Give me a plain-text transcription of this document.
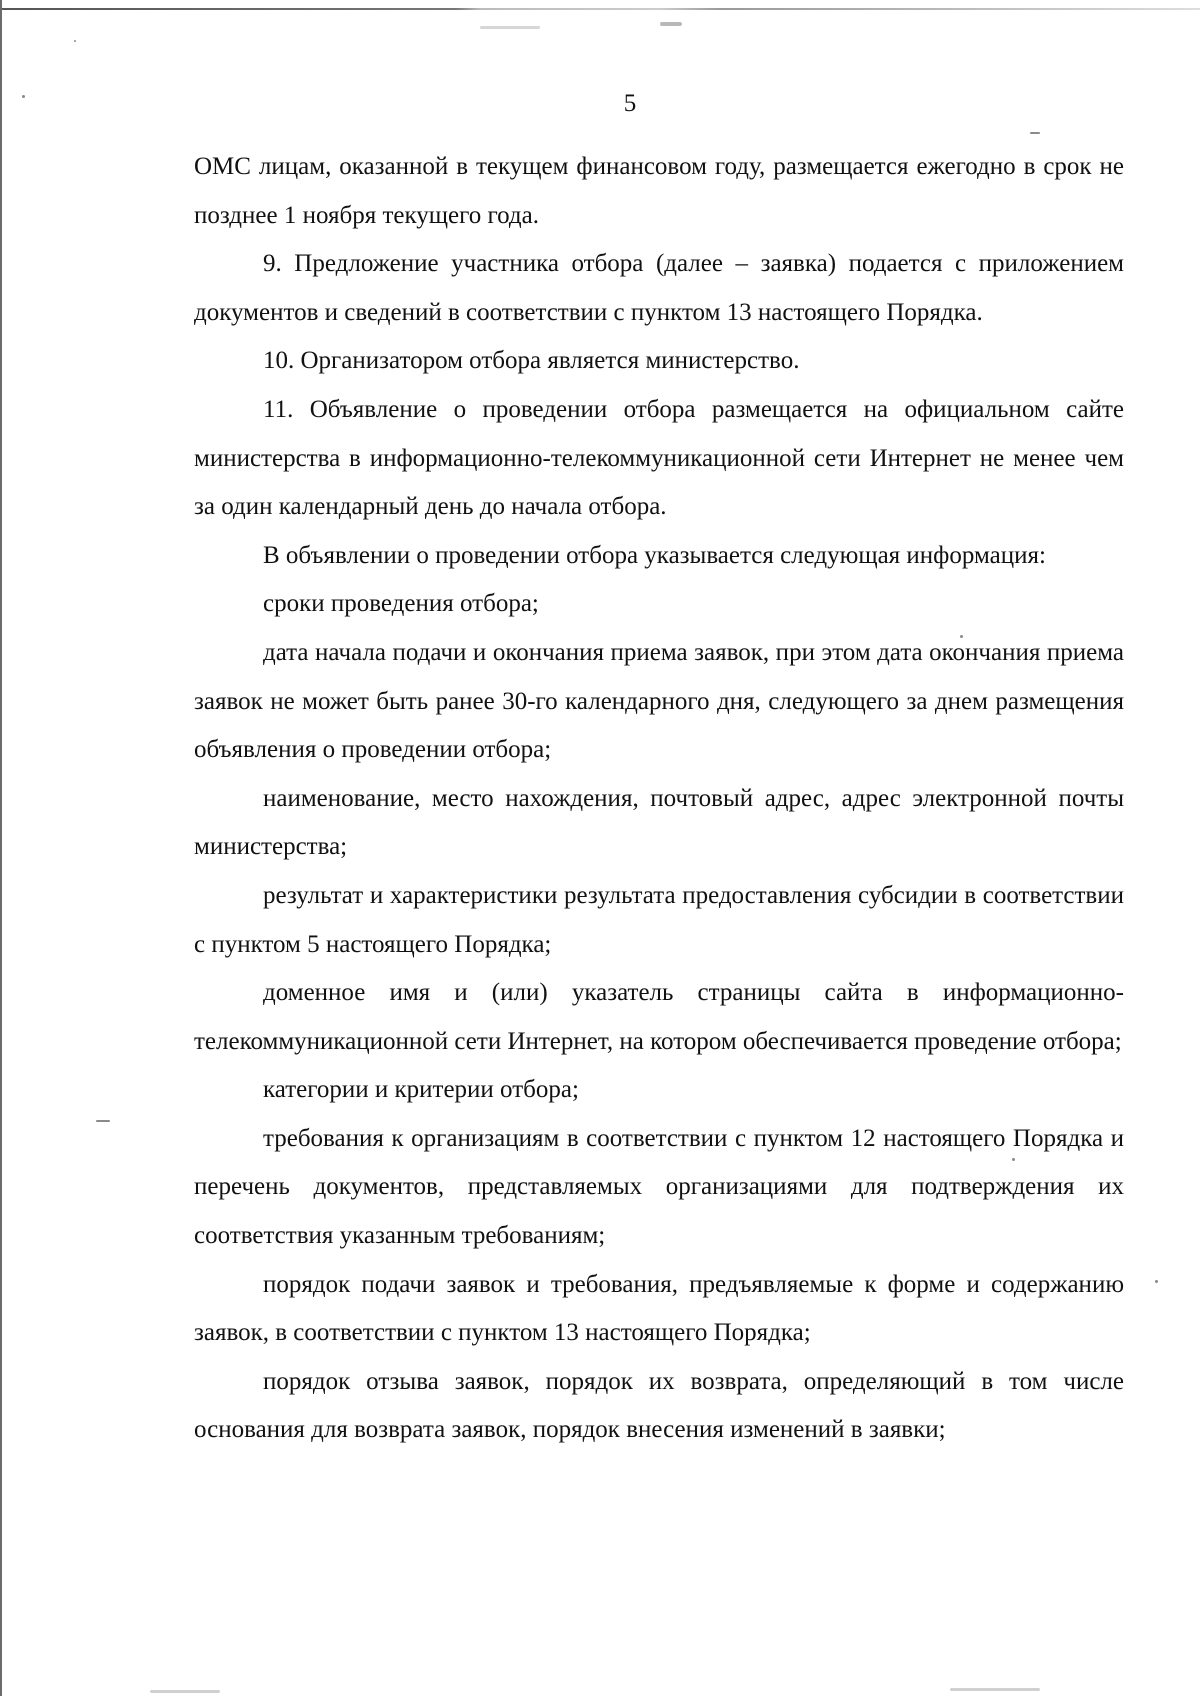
5

ОМС лицам, оказанной в текущем финансовом году, размещается ежегодно в срок не позднее 1 ноября текущего года.

9. Предложение участника отбора (далее – заявка) подается с приложением документов и сведений в соответствии с пунктом 13 настоящего Порядка.

10. Организатором отбора является министерство.

11. Объявление о проведении отбора размещается на официальном сайте министерства в информационно-телекоммуникационной сети Интернет не менее чем за один календарный день до начала отбора.

В объявлении о проведении отбора указывается следующая информация:

сроки проведения отбора;

дата начала подачи и окончания приема заявок, при этом дата окончания приема заявок не может быть ранее 30-го календарного дня, следующего за днем размещения объявления о проведении отбора;

наименование, место нахождения, почтовый адрес, адрес электронной почты министерства;

результат и характеристики результата предоставления субсидии в соответствии с пунктом 5 настоящего Порядка;

доменное имя и (или) указатель страницы сайта в информационно-телекоммуникационной сети Интернет, на котором обеспечивается проведение отбора;

категории и критерии отбора;

требования к организациям в соответствии с пунктом 12 настоящего Порядка и перечень документов, представляемых организациями для подтверждения их соответствия указанным требованиям;

порядок подачи заявок и требования, предъявляемые к форме и содержанию заявок, в соответствии с пунктом 13 настоящего Порядка;

порядок отзыва заявок, порядок их возврата, определяющий в том числе основания для возврата заявок, порядок внесения изменений в заявки;
